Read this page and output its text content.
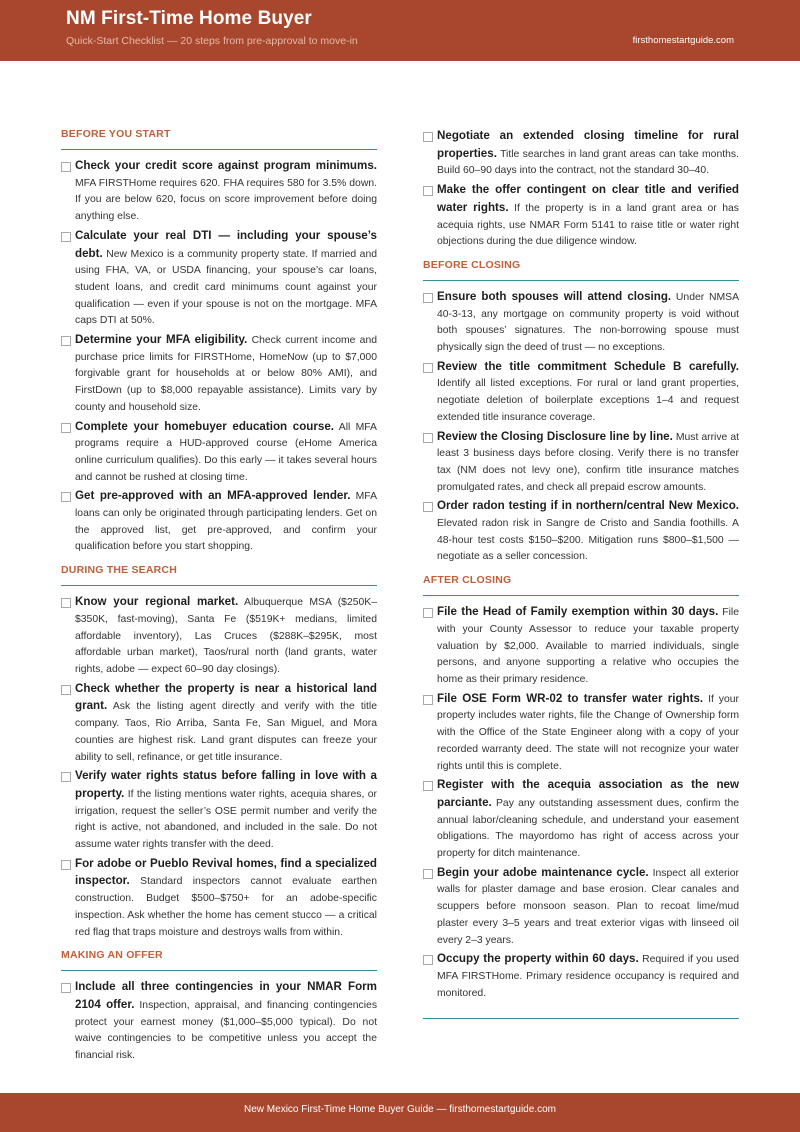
NM First-Time Home Buyer
Quick-Start Checklist — 20 steps from pre-approval to move-in	firsthomestartguide.com
BEFORE YOU START
Check your credit score against program minimums. MFA FIRSTHome requires 620. FHA requires 580 for 3.5% down. If you are below 620, focus on score improvement before doing anything else.
Calculate your real DTI — including your spouse’s debt. New Mexico is a community property state. If married and using FHA, VA, or USDA financing, your spouse’s car loans, student loans, and credit card minimums count against your qualification — even if your spouse is not on the mortgage. MFA caps DTI at 50%.
Determine your MFA eligibility. Check current income and purchase price limits for FIRSTHome, HomeNow (up to $7,000 forgivable grant for households at or below 80% AMI), and FirstDown (up to $8,000 repayable assistance). Limits vary by county and household size.
Complete your homebuyer education course. All MFA programs require a HUD-approved course (eHome America online curriculum qualifies). Do this early — it takes several hours and cannot be rushed at closing time.
Get pre-approved with an MFA-approved lender. MFA loans can only be originated through participating lenders. Get on the approved list, get pre-approved, and confirm your qualification before you start shopping.
DURING THE SEARCH
Know your regional market. Albuquerque MSA ($250K–$350K, fast-moving), Santa Fe ($519K+ medians, limited affordable inventory), Las Cruces ($288K–$295K, most affordable urban market), Taos/rural north (land grants, water rights, adobe — expect 60–90 day closings).
Check whether the property is near a historical land grant. Ask the listing agent directly and verify with the title company. Taos, Rio Arriba, Santa Fe, San Miguel, and Mora counties are highest risk. Land grant disputes can freeze your ability to sell, refinance, or get title insurance.
Verify water rights status before falling in love with a property. If the listing mentions water rights, acequia shares, or irrigation, request the seller’s OSE permit number and verify the right is active, not abandoned, and included in the sale. Do not assume water rights transfer with the deed.
For adobe or Pueblo Revival homes, find a specialized inspector. Standard inspectors cannot evaluate earthen construction. Budget $500–$750+ for an adobe-specific inspection. Ask whether the home has cement stucco — a critical red flag that traps moisture and destroys walls from within.
MAKING AN OFFER
Include all three contingencies in your NMAR Form 2104 offer. Inspection, appraisal, and financing contingencies protect your earnest money ($1,000–$5,000 typical). Do not waive contingencies to be competitive unless you accept the financial risk.
Negotiate an extended closing timeline for rural properties. Title searches in land grant areas can take months. Build 60–90 days into the contract, not the standard 30–40.
Make the offer contingent on clear title and verified water rights. If the property is in a land grant area or has acequia rights, use NMAR Form 5141 to raise title or water right objections during the due diligence window.
BEFORE CLOSING
Ensure both spouses will attend closing. Under NMSA 40-3-13, any mortgage on community property is void without both spouses’ signatures. The non-borrowing spouse must physically sign the deed of trust — no exceptions.
Review the title commitment Schedule B carefully. Identify all listed exceptions. For rural or land grant properties, negotiate deletion of boilerplate exceptions 1–4 and request extended title insurance coverage.
Review the Closing Disclosure line by line. Must arrive at least 3 business days before closing. Verify there is no transfer tax (NM does not levy one), confirm title insurance matches promulgated rates, and check all prepaid escrow amounts.
Order radon testing if in northern/central New Mexico. Elevated radon risk in Sangre de Cristo and Sandia foothills. A 48-hour test costs $150–$200. Mitigation runs $800–$1,500 — negotiate as a seller concession.
AFTER CLOSING
File the Head of Family exemption within 30 days. File with your County Assessor to reduce your taxable property valuation by $2,000. Available to married individuals, single persons, and anyone supporting a relative who occupies the home as their primary residence.
File OSE Form WR-02 to transfer water rights. If your property includes water rights, file the Change of Ownership form with the Office of the State Engineer along with a copy of your recorded warranty deed. The state will not recognize your water rights until this is complete.
Register with the acequia association as the new parciante. Pay any outstanding assessment dues, confirm the annual labor/cleaning schedule, and understand your easement obligations. The mayordomo has right of access across your property for ditch maintenance.
Begin your adobe maintenance cycle. Inspect all exterior walls for plaster damage and base erosion. Clear canales and scuppers before monsoon season. Plan to recoat lime/mud plaster every 3–5 years and treat exterior vigas with linseed oil every 2–3 years.
Occupy the property within 60 days. Required if you used MFA FIRSTHome. Primary residence occupancy is required and monitored.
New Mexico First-Time Home Buyer Guide — firsthomestartguide.com
